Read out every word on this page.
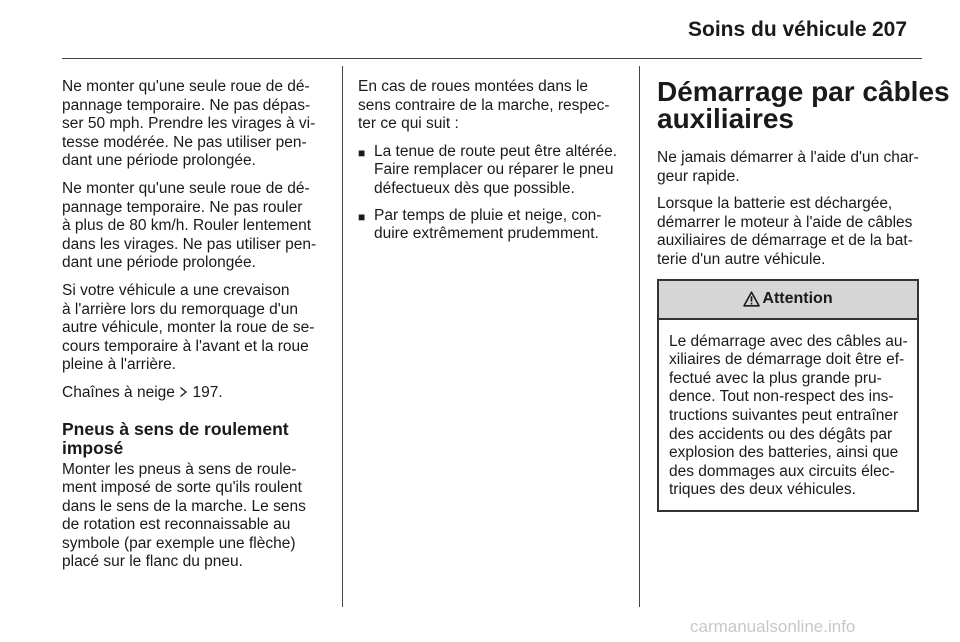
Soins du véhicule 207

Ne monter qu'une seule roue de dé-
pannage temporaire. Ne pas dépas-
ser 50 mph. Prendre les virages à vi-
tesse modérée. Ne pas utiliser pen-
dant une période prolongée.

Ne monter qu'une seule roue de dé-
pannage temporaire. Ne pas rouler
à plus de 80 km/h. Rouler lentement
dans les virages. Ne pas utiliser pen-
dant une période prolongée.

Si votre véhicule a une crevaison
à l'arrière lors du remorquage d'un
autre véhicule, monter la roue de se-
cours temporaire à l'avant et la roue
pleine à l'arrière.

Chaînes à neige 197.

Pneus à sens de roulement
imposé

Monter les pneus à sens de roule-
ment imposé de sorte qu'ils roulent
dans le sens de la marche. Le sens
de rotation est reconnaissable au
symbole (par exemple une flèche)
placé sur le flanc du pneu.

En cas de roues montées dans le
sens contraire de la marche, respec-
ter ce qui suit :

■ La tenue de route peut être altérée.
Faire remplacer ou réparer le pneu
défectueux dès que possible.
■ Par temps de pluie et neige, con-
duire extrêmement prudemment.
Démarrage par câbles
auxiliaires

Ne jamais démarrer à l'aide d'un char-
geur rapide.

Lorsque la batterie est déchargée,
démarrer le moteur à l'aide de câbles
auxiliaires de démarrage et de la bat-
terie d'un autre véhicule.

Attention
Le démarrage avec des câbles au-
xiliaires de démarrage doit être ef-
fectué avec la plus grande pru-
dence. Tout non-respect des ins-
tructions suivantes peut entraîner
des accidents ou des dégâts par
explosion des batteries, ainsi que
des dommages aux circuits élec-
triques des deux véhicules.
carmanualsonline.info
